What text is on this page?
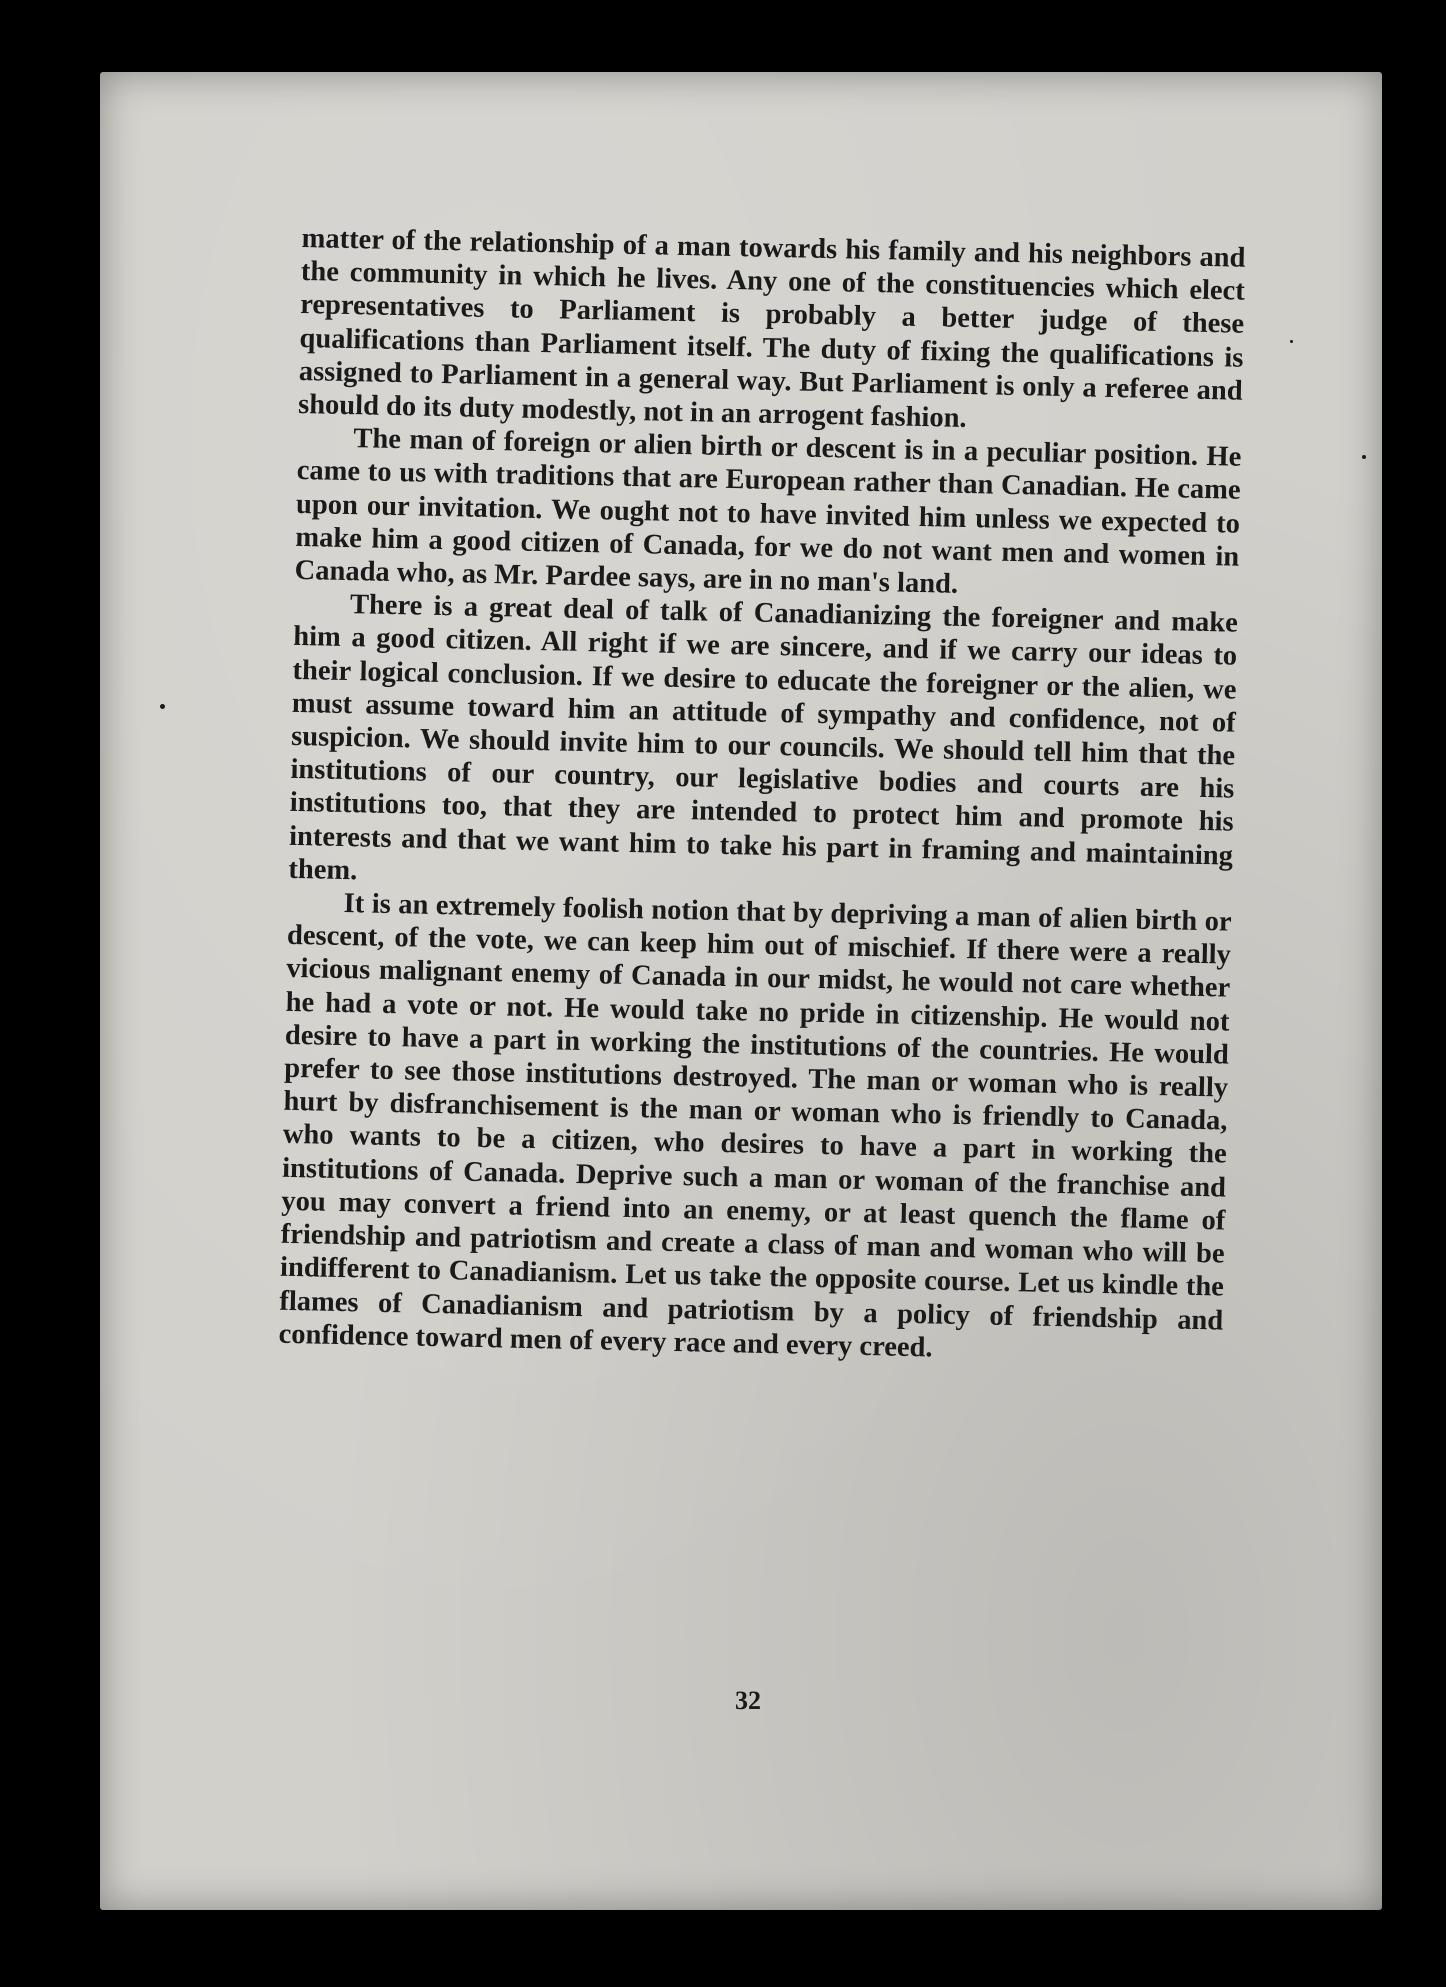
matter of the relationship of a man towards his family and his neighbors and the community in which he lives. Any one of the constituencies which elect representatives to Parliament is probably a better judge of these qualifications than Parliament itself. The duty of fixing the qualifications is assigned to Parliament in a general way. But Parliament is only a referee and should do its duty modestly, not in an arrogent fashion.

The man of foreign or alien birth or descent is in a peculiar position. He came to us with traditions that are European rather than Canadian. He came upon our invitation. We ought not to have invited him unless we expected to make him a good citizen of Canada, for we do not want men and women in Canada who, as Mr. Pardee says, are in no man's land.

There is a great deal of talk of Canadianizing the foreigner and make him a good citizen. All right if we are sincere, and if we carry our ideas to their logical conclusion. If we desire to educate the foreigner or the alien, we must assume toward him an attitude of sympathy and confidence, not of suspicion. We should invite him to our councils. We should tell him that the institutions of our country, our legislative bodies and courts are his institutions too, that they are intended to protect him and promote his interests and that we want him to take his part in framing and maintaining them.

It is an extremely foolish notion that by depriving a man of alien birth or descent, of the vote, we can keep him out of mischief. If there were a really vicious malignant enemy of Canada in our midst, he would not care whether he had a vote or not. He would take no pride in citizenship. He would not desire to have a part in working the institutions of the countries. He would prefer to see those institutions destroyed. The man or woman who is really hurt by disfranchisement is the man or woman who is friendly to Canada, who wants to be a citizen, who desires to have a part in working the institutions of Canada. Deprive such a man or woman of the franchise and you may convert a friend into an enemy, or at least quench the flame of friendship and patriotism and create a class of man and woman who will be indifferent to Canadianism. Let us take the opposite course. Let us kindle the flames of Canadianism and patriotism by a policy of friendship and confidence toward men of every race and every creed.

32
